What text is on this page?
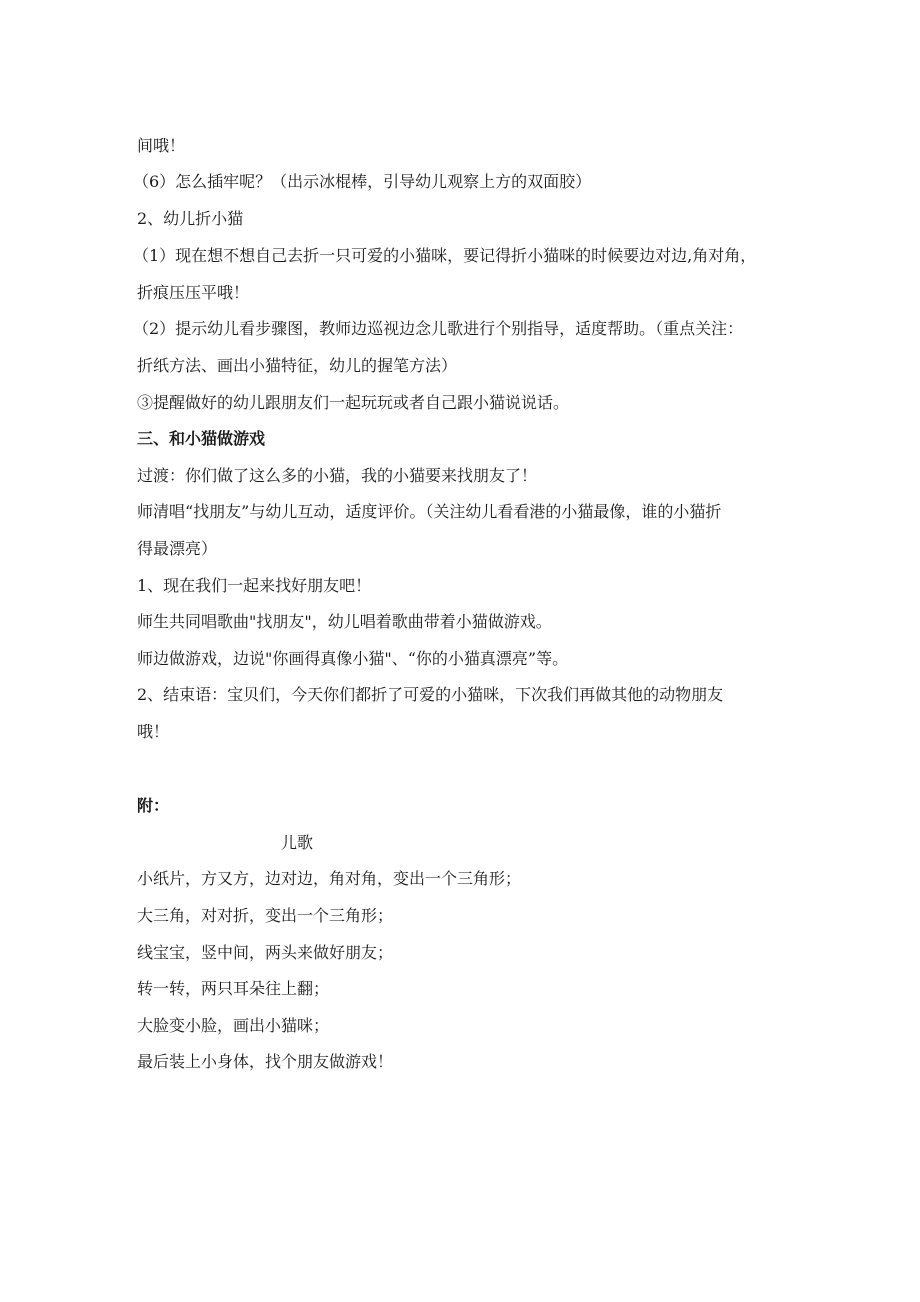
间哦！
（6）怎么插牢呢？（出示冰棍棒，引导幼儿观察上方的双面胶）
2、幼儿折小猫
（1）现在想不想自己去折一只可爱的小猫咪，要记得折小猫咪的时候要边对边,角对角，
折痕压压平哦！
（2）提示幼儿看步骤图，教师边巡视边念儿歌进行个别指导，适度帮助。（重点关注：
折纸方法、画出小猫特征，幼儿的握笔方法）
③提醒做好的幼儿跟朋友们一起玩玩或者自己跟小猫说说话。
三、和小猫做游戏
过渡：你们做了这么多的小猫，我的小猫要来找朋友了！
师清唱“找朋友”与幼儿互动，适度评价。（关注幼儿看看港的小猫最像，谁的小猫折
得最漂亮）
1、现在我们一起来找好朋友吧！
师生共同唱歌曲"找朋友"，幼儿唱着歌曲带着小猫做游戏。
师边做游戏，边说"你画得真像小猫"、“你的小猫真漂亮”等。
2、结束语：宝贝们，今天你们都折了可爱的小猫咪，下次我们再做其他的动物朋友
哦！
附：
儿歌
小纸片，方又方，边对边，角对角，变出一个三角形；
大三角，对对折，变出一个三角形；
线宝宝，竖中间，两头来做好朋友；
转一转，两只耳朵往上翻；
大脸变小脸，画出小猫咪；
最后装上小身体，找个朋友做游戏！
